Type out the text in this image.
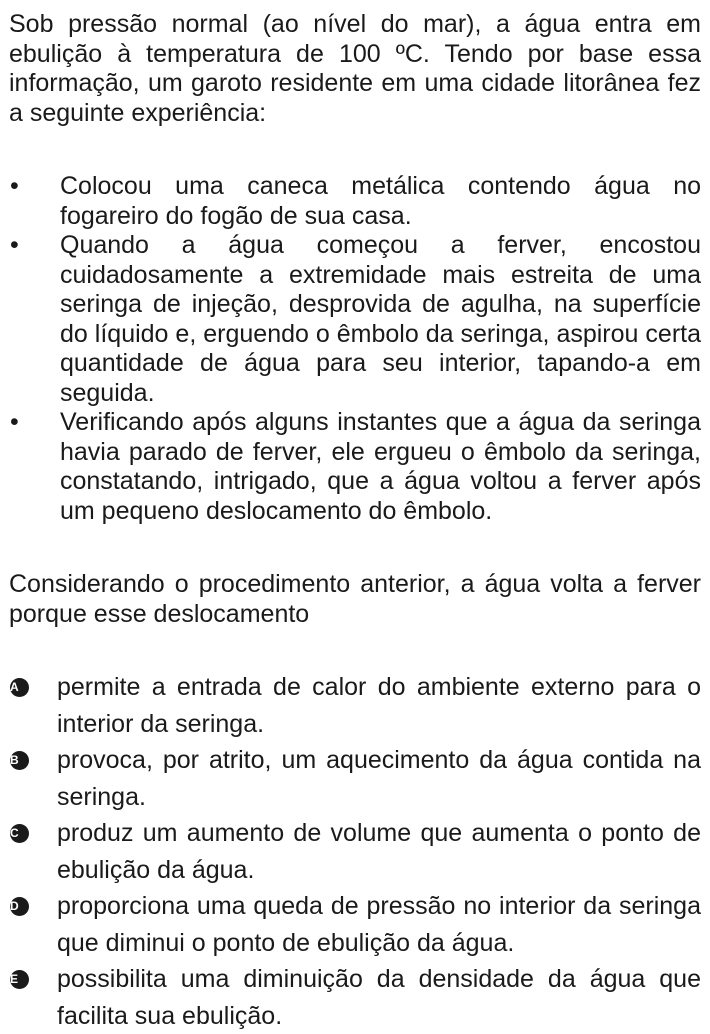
Sob pressão normal (ao nível do mar), a água entra em ebulição à temperatura de 100 ºC. Tendo por base essa informação, um garoto residente em uma cidade litorânea fez a seguinte experiência:

• Colocou uma caneca metálica contendo água no fogareiro do fogão de sua casa.
• Quando a água começou a ferver, encostou cuidadosamente a extremidade mais estreita de uma seringa de injeção, desprovida de agulha, na superfície do líquido e, erguendo o êmbolo da seringa, aspirou certa quantidade de água para seu interior, tapando-a em seguida.
• Verificando após alguns instantes que a água da seringa havia parado de ferver, ele ergueu o êmbolo da seringa, constatando, intrigado, que a água voltou a ferver após um pequeno deslocamento do êmbolo.

Considerando o procedimento anterior, a água volta a ferver porque esse deslocamento

A	permite a entrada de calor do ambiente externo para o interior da seringa.
B	provoca, por atrito, um aquecimento da água contida na seringa.
C	produz um aumento de volume que aumenta o ponto de ebulição da água.
D	proporciona uma queda de pressão no interior da seringa que diminui o ponto de ebulição da água.
E	possibilita uma diminuição da densidade da água que facilita sua ebulição.
